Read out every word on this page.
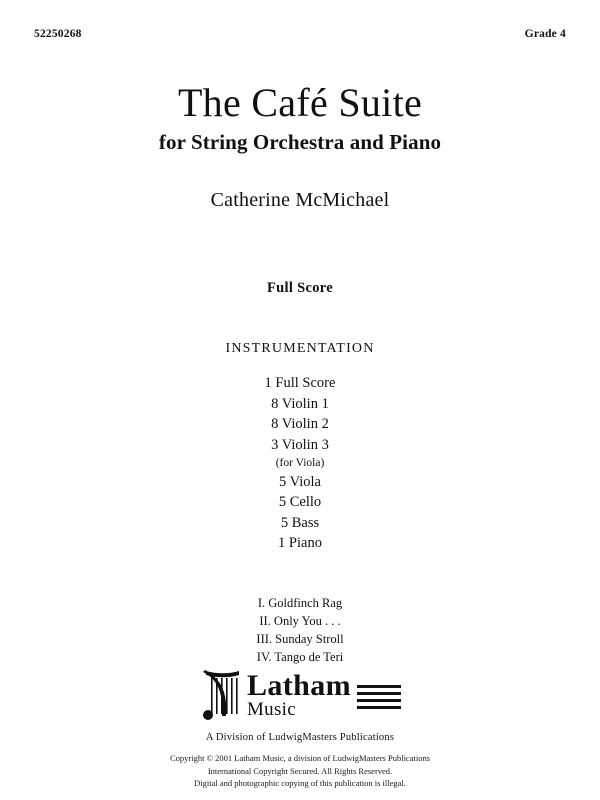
52250268	Grade 4
The Café Suite
for String Orchestra and Piano
Catherine McMichael
Full Score
INSTRUMENTATION
1 Full Score
8 Violin 1
8 Violin 2
3 Violin 3
(for Viola)
5 Viola
5 Cello
5 Bass
1 Piano
I. Goldfinch Rag
II. Only You . . .
III. Sunday Stroll
IV. Tango de Teri
Latham
Music
A Division of LudwigMasters Publications
Copyright © 2001 Latham Music, a division of LudwigMasters Publications
International Copyright Secured. All Rights Reserved.
Digital and photographic copying of this publication is illegal.
